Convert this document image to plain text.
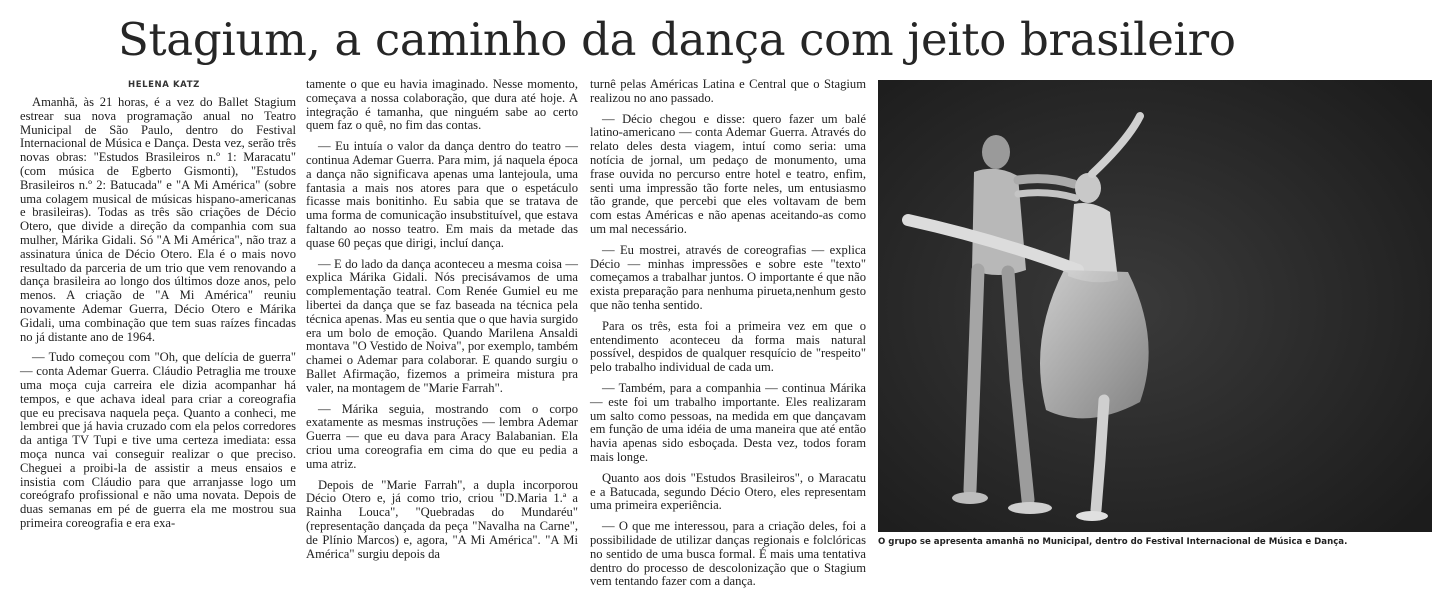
Stagium, a caminho da dança com jeito brasileiro
HELENA KATZ

Amanhã, às 21 horas, é a vez do Ballet Stagium estrear sua nova programação anual no Teatro Municipal de São Paulo, dentro do Festival Internacional de Música e Dança. Desta vez, serão três novas obras: "Estudos Brasileiros n.º 1: Maracatu" (com música de Egberto Gismonti), "Estudos Brasileiros n.º 2: Batucada" e "A Mi América" (sobre uma colagem musical de músicas hispano-americanas e brasileiras). Todas as três são criações de Décio Otero, que divide a direção da companhia com sua mulher, Márika Gidali. Só "A Mi América", não traz a assinatura única de Décio Otero. Ela é o mais novo resultado da parceria de um trio que vem renovando a dança brasileira ao longo dos últimos doze anos, pelo menos. A criação de "A Mi América" reuniu novamente Ademar Guerra, Décio Otero e Márika Gidali, uma combinação que tem suas raízes fincadas no já distante ano de 1964.

— Tudo começou com "Oh, que delícia de guerra" — conta Ademar Guerra. Cláudio Petraglia me trouxe uma moça cuja carreira ele dizia acompanhar há tempos, e que achava ideal para criar a coreografia que eu precisava naquela peça. Quanto a conheci, me lembrei que já havia cruzado com ela pelos corredores da antiga TV Tupi e tive uma certeza imediata: essa moça nunca vai conseguir realizar o que preciso. Cheguei a proibi-la de assistir a meus ensaios e insistia com Cláudio para que arranjasse logo um coreógrafo profissional e não uma novata. Depois de duas semanas em pé de guerra ela me mostrou sua primeira coreografia e era exa-

tamente o que eu havia imaginado. Nesse momento, começava a nossa colaboração, que dura até hoje. A integração é tamanha, que ninguém sabe ao certo quem faz o quê, no fim das contas.

— Eu intuía o valor da dança dentro do teatro — continua Ademar Guerra. Para mim, já naquela época a dança não significava apenas uma lantejoula, uma fantasia a mais nos atores para que o espetáculo ficasse mais bonitinho. Eu sabia que se tratava de uma forma de comunicação insubstituível, que estava faltando ao nosso teatro. Em mais da metade das quase 60 peças que dirigi, incluí dança.

— E do lado da dança aconteceu a mesma coisa — explica Márika Gidali. Nós precisávamos de uma complementação teatral. Com Renée Gumiel eu me libertei da dança que se faz baseada na técnica pela técnica apenas. Mas eu sentia que o que havia surgido era um bolo de emoção. Quando Marilena Ansaldi montava "O Vestido de Noiva", por exemplo, também chamei o Ademar para colaborar. E quando surgiu o Ballet Afirmação, fizemos a primeira mistura pra valer, na montagem de "Marie Farrah".

— Márika seguia, mostrando com o corpo exatamente as mesmas instruções — lembra Ademar Guerra — que eu dava para Aracy Balabanian. Ela criou uma coreografia em cima do que eu pedia a uma atriz.

Depois de "Marie Farrah", a dupla incorporou Décio Otero e, já como trio, criou "D.Maria 1.ª a Rainha Louca", "Quebradas do Mundaréu" (representação dançada da peça "Navalha na Carne", de Plínio Marcos) e, agora, "A Mi América". "A Mi América" surgiu depois da

turnê pelas Américas Latina e Central que o Stagium realizou no ano passado.

— Décio chegou e disse: quero fazer um balé latino-americano — conta Ademar Guerra. Através do relato deles desta viagem, intuí como seria: uma notícia de jornal, um pedaço de monumento, uma frase ouvida no percurso entre hotel e teatro, enfim, senti uma impressão tão forte neles, um entusiasmo tão grande, que percebi que eles voltavam de bem com estas Américas e não apenas aceitando-as como um mal necessário.

— Eu mostrei, através de coreografias — explica Décio — minhas impressões e sobre este "texto" começamos a trabalhar juntos. O importante é que não exista preparação para nenhuma pirueta,nenhum gesto que não tenha sentido.

Para os três, esta foi a primeira vez em que o entendimento aconteceu da forma mais natural possível, despidos de qualquer resquício de "respeito" pelo trabalho individual de cada um.

— Também, para a companhia — continua Márika — este foi um trabalho importante. Eles realizaram um salto como pessoas, na medida em que dançavam em função de uma idéia de uma maneira que até então havia apenas sido esboçada. Desta vez, todos foram mais longe.

Quanto aos dois "Estudos Brasileiros", o Maracatu e a Batucada, segundo Décio Otero, eles representam uma primeira experiência.

— O que me interessou, para a criação deles, foi a possibilidade de utilizar danças regionais e folclóricas no sentido de uma busca formal. É mais uma tentativa dentro do processo de descolonização que o Stagium vem tentando fazer com a dança.

O grupo se apresenta amanhã no Municipal, dentro do Festival Internacional de Música e Dança.
